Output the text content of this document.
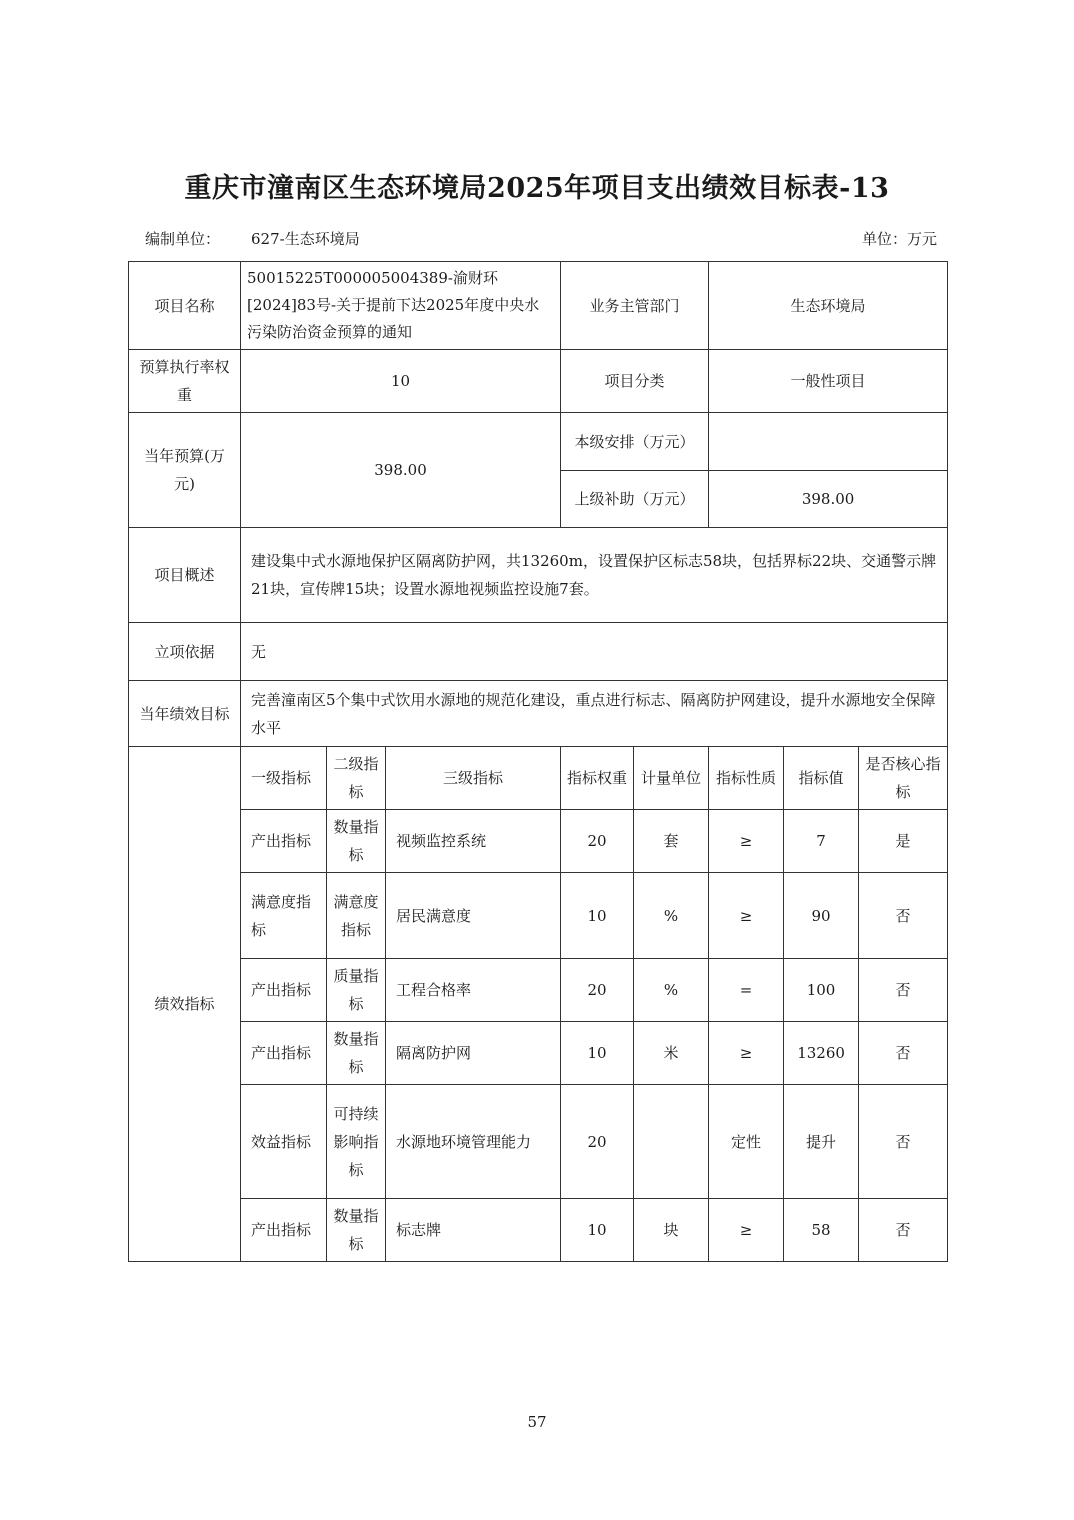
重庆市潼南区生态环境局2025年项目支出绩效目标表-13
编制单位： 627-生态环境局	单位：万元
项目名称	50015225T000005004389-渝财环[2024]83号-关于提前下达2025年度中央水污染防治资金预算的通知			业务主管部门		生态环境局		
预算执行率权重	10			项目分类		一般性项目		
当年预算(万元)	398.00			本级安排（万元）				
				上级补助（万元）		398.00		
项目概述	建设集中式水源地保护区隔离防护网，共13260m，设置保护区标志58块，包括界标22块、交通警示牌21块，宣传牌15块；设置水源地视频监控设施7套。							
立项依据	无							
当年绩效目标	完善潼南区5个集中式饮用水源地的规范化建设，重点进行标志、隔离防护网建设，提升水源地安全保障水平							
绩效指标	一级指标	二级指标	三级指标	指标权重	计量单位	指标性质	指标值	是否核心指标
	产出指标	数量指标	视频监控系统	20	套	≥	7	是
	满意度指标	满意度指标	居民满意度	10	%	≥	90	否
	产出指标	质量指标	工程合格率	20	%	=	100	否
	产出指标	数量指标	隔离防护网	10	米	≥	13260	否
	效益指标	可持续影响指标	水源地环境管理能力	20		定性	提升	否
	产出指标	数量指标	标志牌	10	块	≥	58	否
57
